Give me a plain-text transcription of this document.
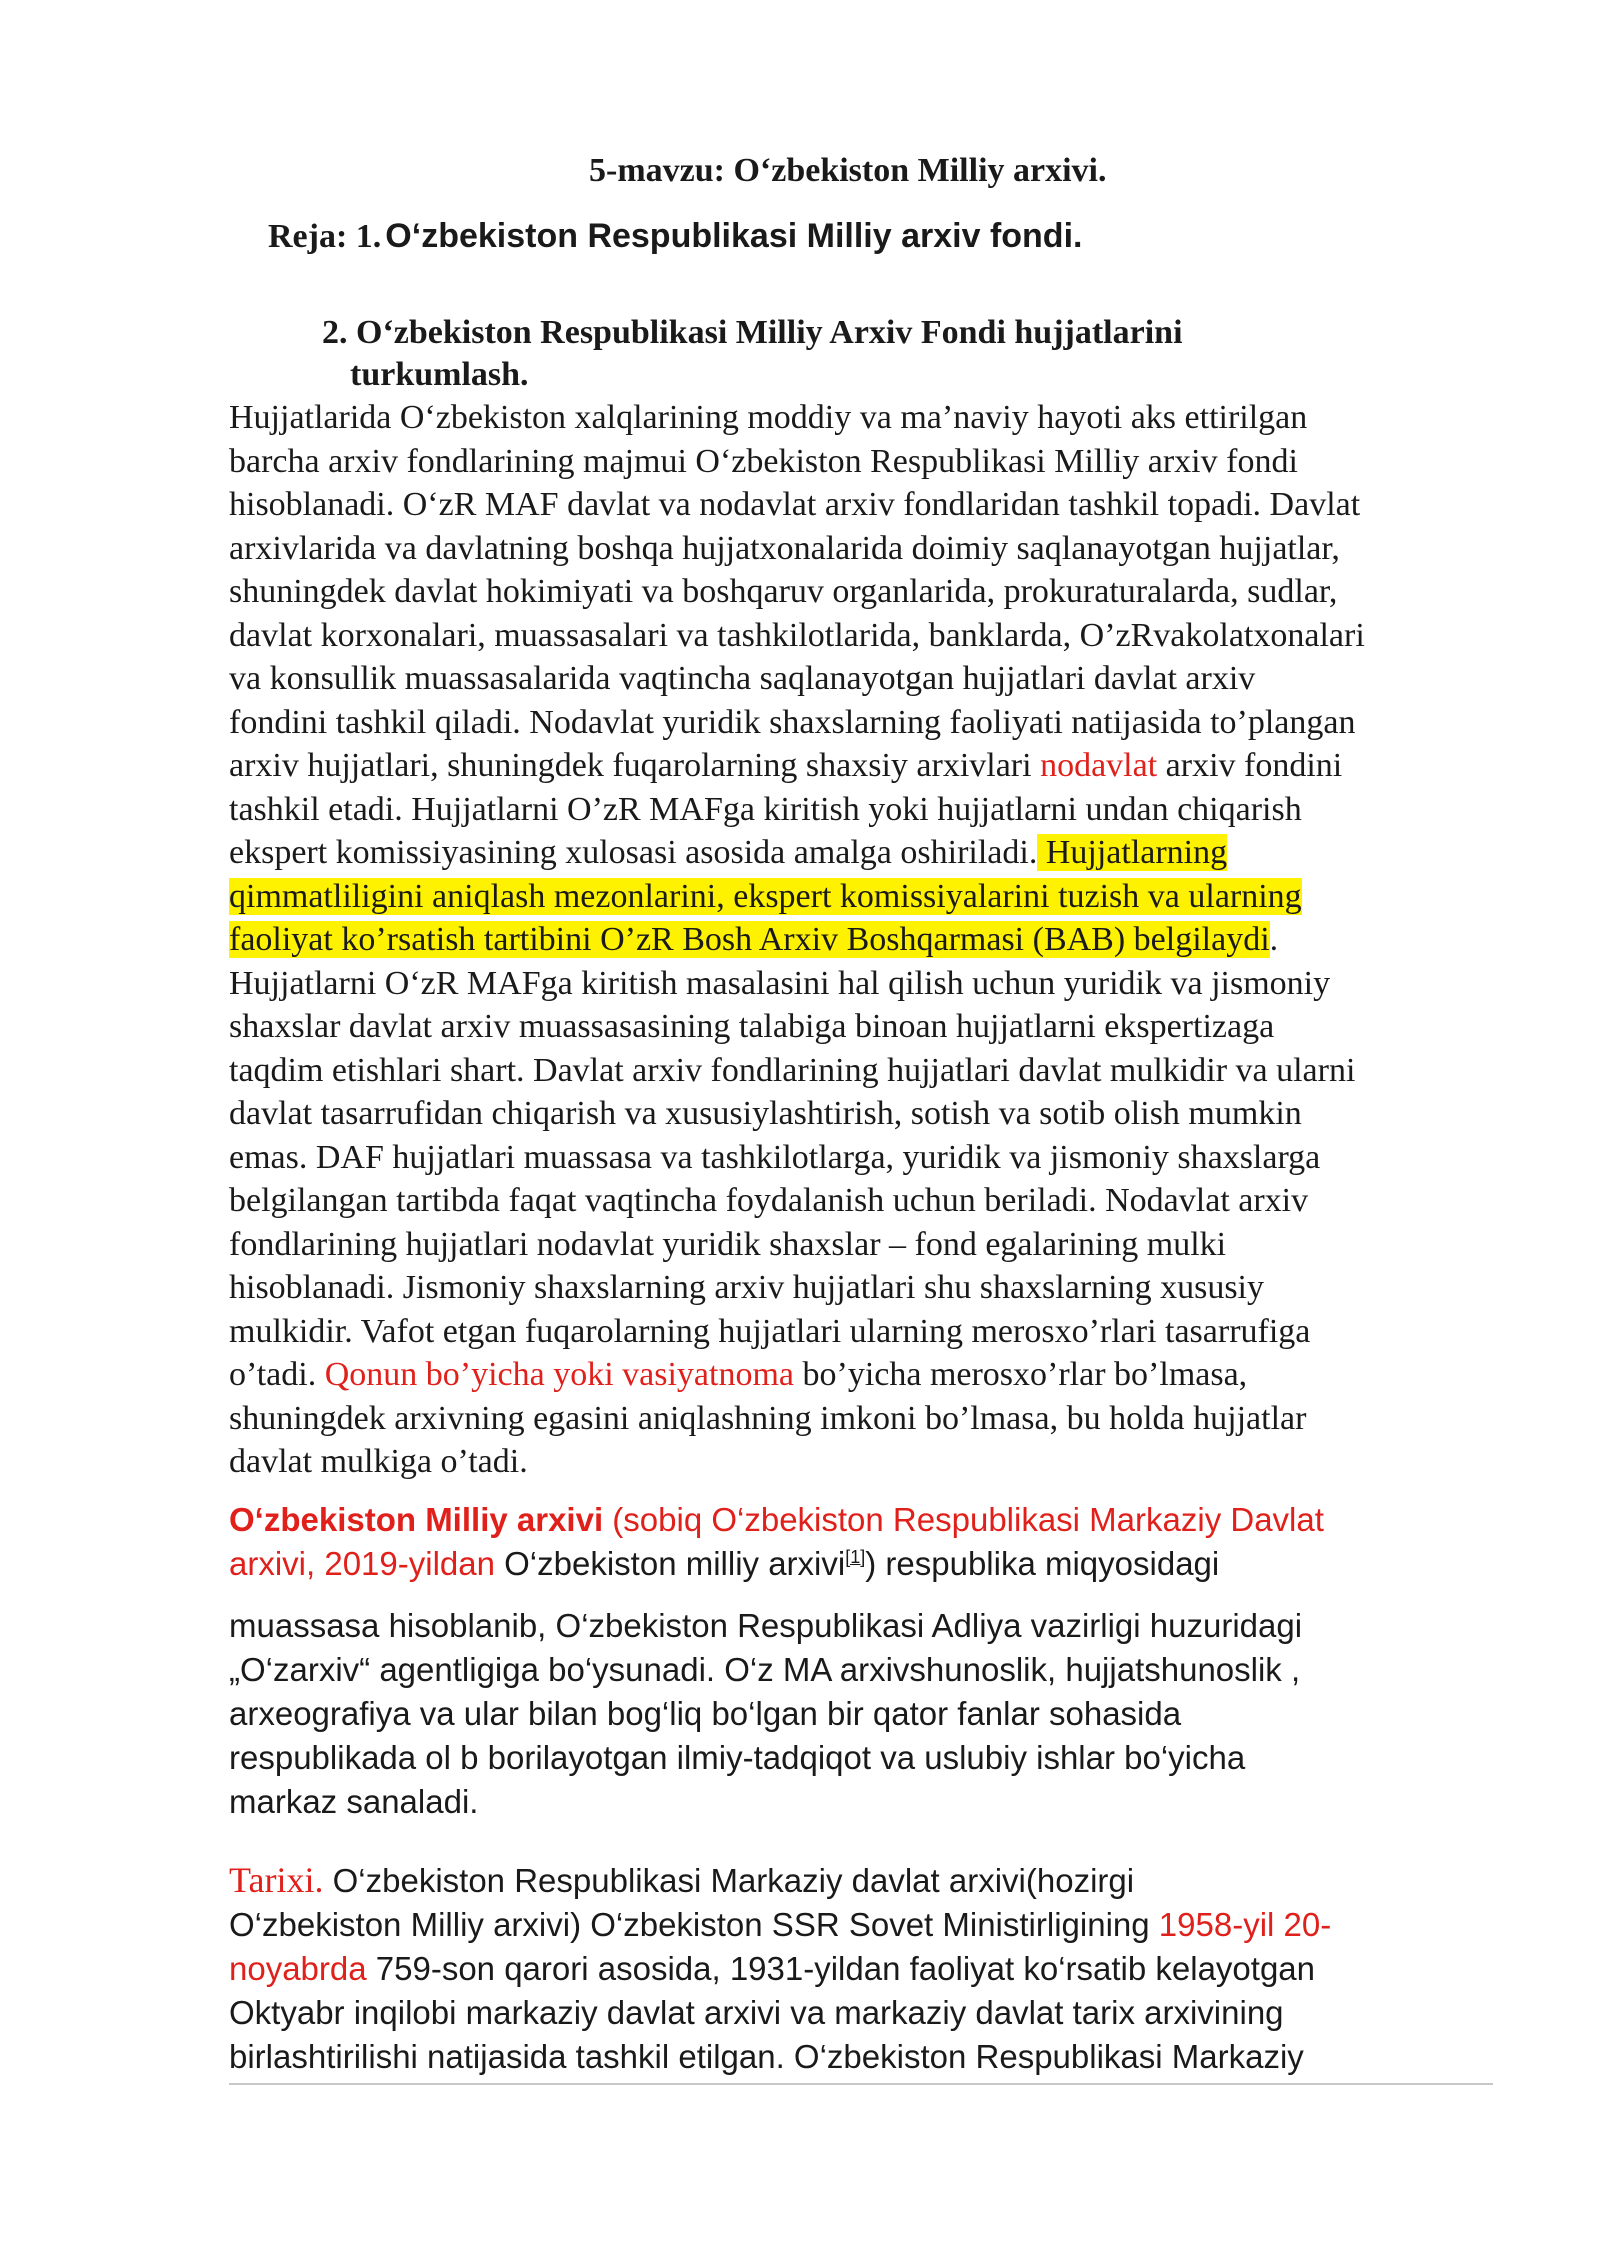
5-mavzu: O‘zbekiston Milliy arxivi.
Reja: 1. O‘zbekiston Respublikasi Milliy arxiv fondi.
2. O‘zbekiston Respublikasi Milliy Arxiv Fondi hujjatlarini
turkumlash.
Hujjatlarida O‘zbekiston xalqlarining moddiy va ma’naviy hayoti aks ettirilgan
barcha arxiv fondlarining majmui O‘zbekiston Respublikasi Milliy arxiv fondi
hisoblanadi. O‘zR MAF davlat va nodavlat arxiv fondlaridan tashkil topadi. Davlat
arxivlarida va davlatning boshqa hujjatxonalarida doimiy saqlanayotgan hujjatlar,
shuningdek davlat hokimiyati va boshqaruv organlarida, prokuraturalarda, sudlar,
davlat korxonalari, muassasalari va tashkilotlarida, banklarda, O’zRvakolatxonalari
va konsullik muassasalarida vaqtincha saqlanayotgan hujjatlari davlat arxiv
fondini tashkil qiladi. Nodavlat yuridik shaxslarning faoliyati natijasida to’plangan
arxiv hujjatlari, shuningdek fuqarolarning shaxsiy arxivlari nodavlat arxiv fondini
tashkil etadi. Hujjatlarni O’zR MAFga kiritish yoki hujjatlarni undan chiqarish
ekspert komissiyasining xulosasi asosida amalga oshiriladi. Hujjatlarning
qimmatliligini aniqlash mezonlarini, ekspert komissiyalarini tuzish va ularning
faoliyat ko’rsatish tartibini O’zR Bosh Arxiv Boshqarmasi (BAB) belgilaydi.
Hujjatlarni O‘zR MAFga kiritish masalasini hal qilish uchun yuridik va jismoniy
shaxslar davlat arxiv muassasasining talabiga binoan hujjatlarni ekspertizaga
taqdim etishlari shart. Davlat arxiv fondlarining hujjatlari davlat mulkidir va ularni
davlat tasarrufidan chiqarish va xususiylashtirish, sotish va sotib olish mumkin
emas. DAF hujjatlari muassasa va tashkilotlarga, yuridik va jismoniy shaxslarga
belgilangan tartibda faqat vaqtincha foydalanish uchun beriladi. Nodavlat arxiv
fondlarining hujjatlari nodavlat yuridik shaxslar – fond egalarining mulki
hisoblanadi. Jismoniy shaxslarning arxiv hujjatlari shu shaxslarning xususiy
mulkidir. Vafot etgan fuqarolarning hujjatlari ularning merosxo’rlari tasarrufiga
o’tadi. Qonun bo’yicha yoki vasiyatnoma bo’yicha merosxo’rlar bo’lmasa,
shuningdek arxivning egasini aniqlashning imkoni bo’lmasa, bu holda hujjatlar
davlat mulkiga o’tadi.
O‘zbekiston Milliy arxivi (sobiq O‘zbekiston Respublikasi Markaziy Davlat
arxivi, 2019-yildan O‘zbekiston milliy arxivi[1]) respublika miqyosidagi
muassasa hisoblanib, O‘zbekiston Respublikasi Adliya vazirligi huzuridagi
„O‘zarxiv“ agentligiga bo‘ysunadi. O‘z MA arxivshunoslik, hujjatshunoslik ,
arxeografiya va ular bilan bog‘liq bo‘lgan bir qator fanlar sohasida
respublikada ol b borilayotgan ilmiy-tadqiqot va uslubiy ishlar bo‘yicha
markaz sanaladi.
Tarixi. O‘zbekiston Respublikasi Markaziy davlat arxivi(hozirgi
O‘zbekiston Milliy arxivi) O‘zbekiston SSR Sovet Ministirligining 1958-yil 20-
noyabrda 759-son qarori asosida, 1931-yildan faoliyat ko‘rsatib kelayotgan
Oktyabr inqilobi markaziy davlat arxivi va markaziy davlat tarix arxivining
birlashtirilishi natijasida tashkil etilgan. O‘zbekiston Respublikasi Markaziy
